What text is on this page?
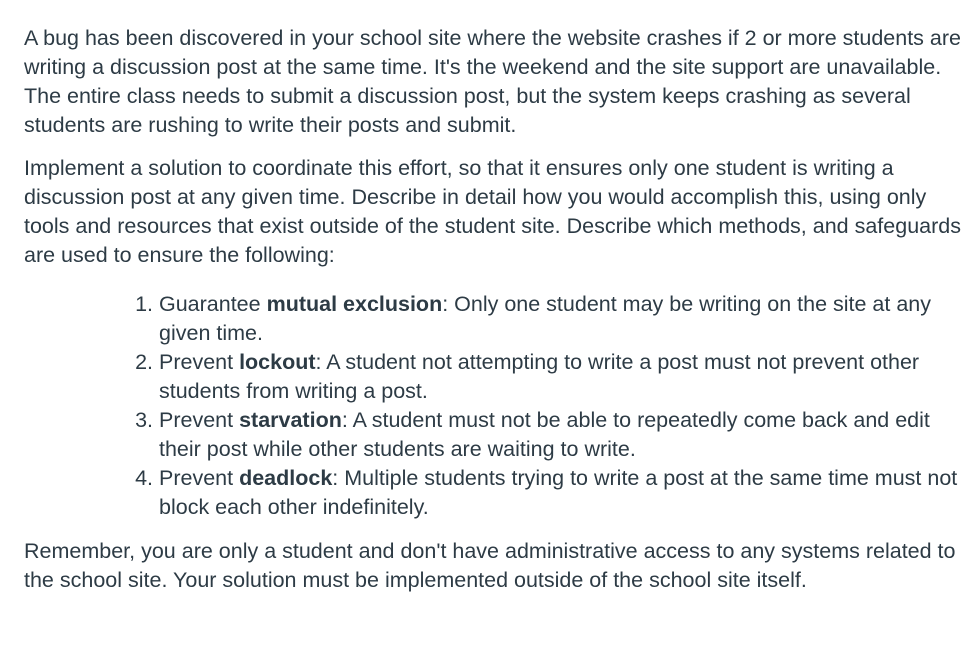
A bug has been discovered in your school site where the website crashes if 2 or more students are writing a discussion post at the same time. It's the weekend and the site support are unavailable. The entire class needs to submit a discussion post, but the system keeps crashing as several students are rushing to write their posts and submit.

Implement a solution to coordinate this effort, so that it ensures only one student is writing a discussion post at any given time. Describe in detail how you would accomplish this, using only tools and resources that exist outside of the student site. Describe which methods, and safeguards are used to ensure the following:

1. Guarantee mutual exclusion: Only one student may be writing on the site at any given time.
2. Prevent lockout: A student not attempting to write a post must not prevent other students from writing a post.
3. Prevent starvation: A student must not be able to repeatedly come back and edit their post while other students are waiting to write.
4. Prevent deadlock: Multiple students trying to write a post at the same time must not block each other indefinitely.

Remember, you are only a student and don't have administrative access to any systems related to the school site. Your solution must be implemented outside of the school site itself.
